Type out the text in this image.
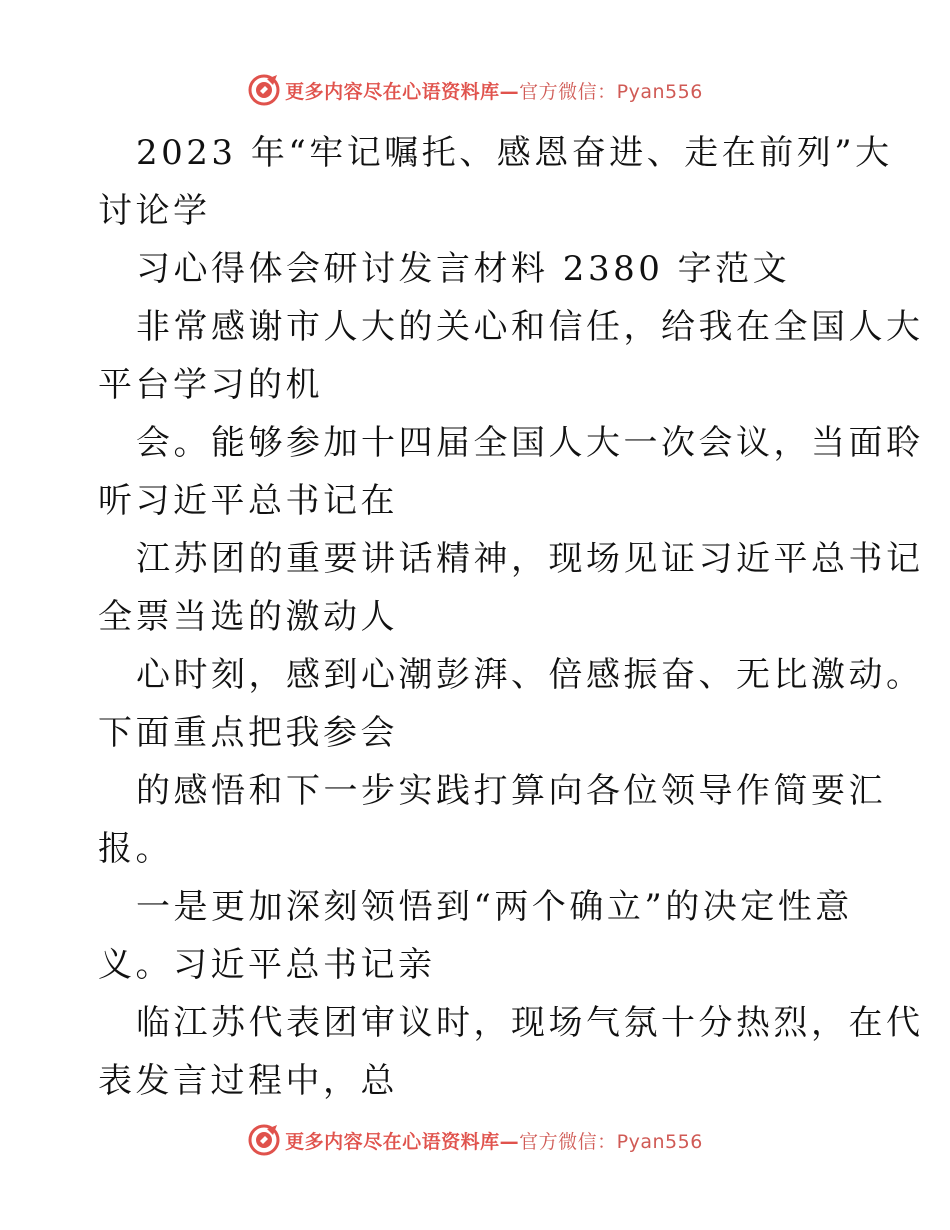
更多内容尽在心语资料库—官方微信：Pyan556
2023 年“牢记嘱托、感恩奋进、走在前列”大
讨论学
习心得体会研讨发言材料 2380 字范文
非常感谢市人大的关心和信任，给我在全国人大
平台学习的机
会。能够参加十四届全国人大一次会议，当面聆
听习近平总书记在
江苏团的重要讲话精神，现场见证习近平总书记
全票当选的激动人
心时刻，感到心潮彭湃、倍感振奋、无比激动。
下面重点把我参会
的感悟和下一步实践打算向各位领导作简要汇
报。
一是更加深刻领悟到“两个确立”的决定性意
义。习近平总书记亲
临江苏代表团审议时，现场气氛十分热烈，在代
表发言过程中，总
更多内容尽在心语资料库—官方微信：Pyan556
